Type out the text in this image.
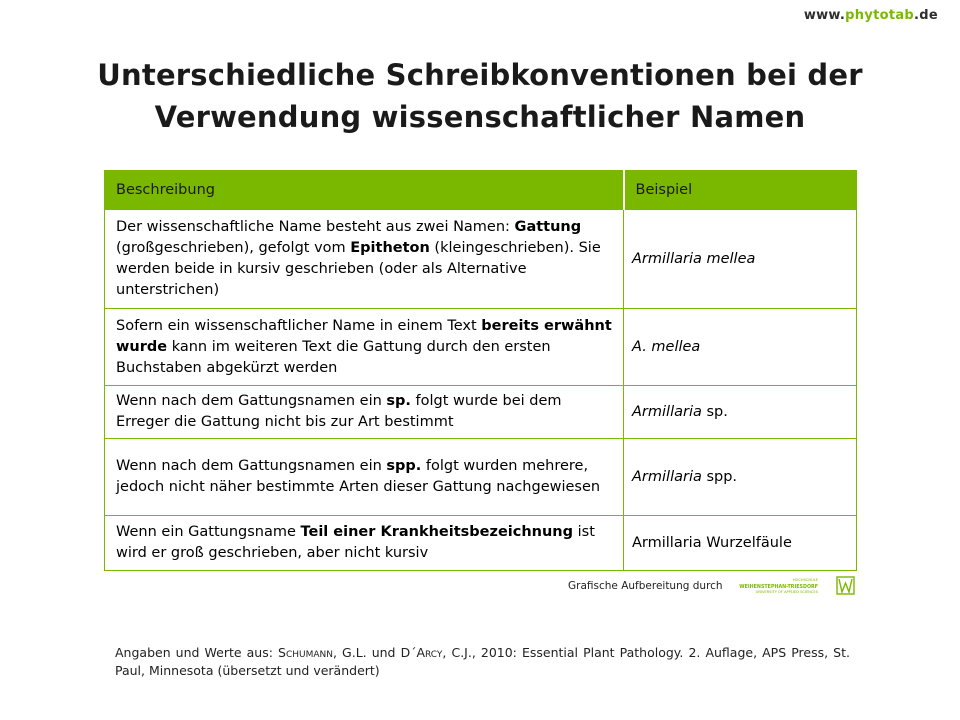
www.phytotab.de
Unterschiedliche Schreibkonventionen bei der
Verwendung wissenschaftlicher Namen
Beschreibung	Beispiel
Der wissenschaftliche Name besteht aus zwei Namen: Gattung (großgeschrieben), gefolgt vom Epitheton (kleingeschrieben). Sie werden beide in kursiv geschrieben (oder als Alternative unterstrichen)	Armillaria mellea
Sofern ein wissenschaftlicher Name in einem Text bereits erwähnt wurde kann im weiteren Text die Gattung durch den ersten Buchstaben abgekürzt werden	A. mellea
Wenn nach dem Gattungsnamen ein sp. folgt wurde bei dem Erreger die Gattung nicht bis zur Art bestimmt	Armillaria sp.
Wenn nach dem Gattungsnamen ein spp. folgt wurden mehrere, jedoch nicht näher bestimmte Arten dieser Gattung nachgewiesen	Armillaria spp.
Wenn ein Gattungsname Teil einer Krankheitsbezeichnung ist wird er groß geschrieben, aber nicht kursiv	Armillaria Wurzelfäule
Grafische Aufbereitung durch	HOCHSCHULE
WEIHENSTEPHAN-TRIESDORF
UNIVERSITY OF APPLIED SCIENCES
Angaben und Werte aus: Schumann, G.L. und D´Arcy, C.J., 2010: Essential Plant Pathology. 2. Auflage, APS Press, St. Paul, Minnesota (übersetzt und verändert)
